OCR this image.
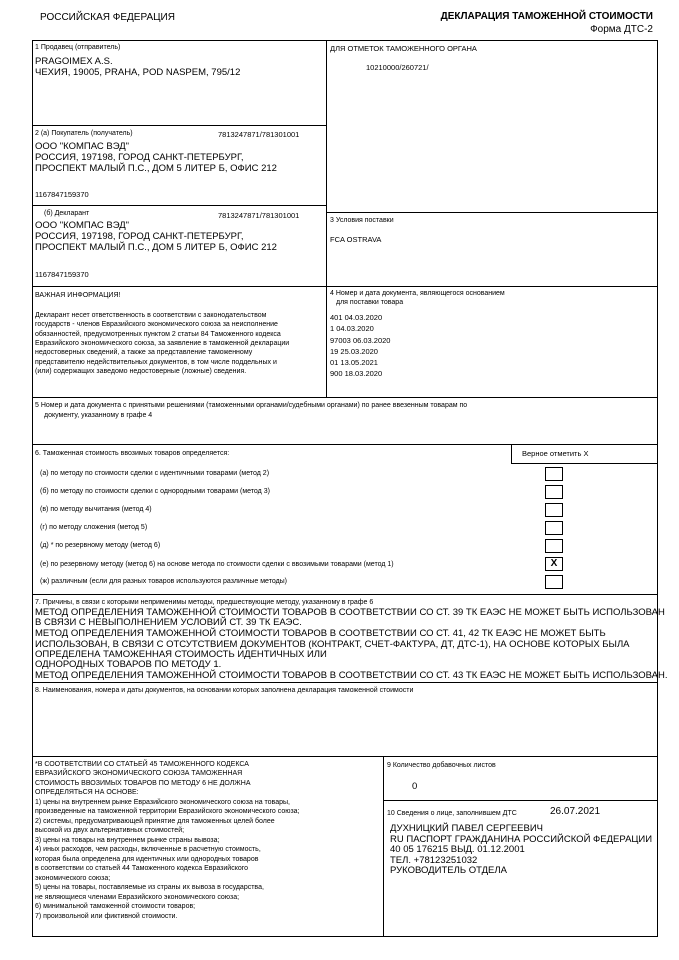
РОССИЙСКАЯ ФЕДЕРАЦИЯ	ДЕКЛАРАЦИЯ ТАМОЖЕННОЙ СТОИМОСТИ
Форма ДТС-2
1 Продавец (отправитель)
PRAGOIMEX A.S.
ЧЕХИЯ, 19005, PRAHA, POD NASPEM, 795/12
ДЛЯ ОТМЕТОК ТАМОЖЕННОГО ОРГАНА
10210000/260721/
2 (а) Покупатель (получатель)	7813247871/781301001
ООО "КОМПАС ВЭД"
РОССИЯ, 197198, ГОРОД САНКТ-ПЕТЕРБУРГ,
ПРОСПЕКТ МАЛЫЙ П.С., ДОМ 5 ЛИТЕР Б, ОФИС 212
1167847159370
(б) Декларант	7813247871/781301001
ООО "КОМПАС ВЭД"
РОССИЯ, 197198, ГОРОД САНКТ-ПЕТЕРБУРГ,
ПРОСПЕКТ МАЛЫЙ П.С., ДОМ 5 ЛИТЕР Б, ОФИС 212
1167847159370
3 Условия поставки
FCA OSTRAVA
ВАЖНАЯ ИНФОРМАЦИЯ!
Декларант несет ответственность в соответствии с законодательством
государств - членов Евразийского экономического союза за неисполнение
обязанностей, предусмотренных пунктом 2 статьи 84 Таможенного кодекса
Евразийского экономического союза, за заявление в таможенной декларации
недостоверных сведений, а также за представление таможенному
представителю недействительных документов, в том числе поддельных и
(или) содержащих заведомо недостоверные (ложные) сведения.
4 Номер и дата документа, являющегося основанием
для поставки товара
401 04.03.2020
1 04.03.2020
97003 06.03.2020
19 25.03.2020
01 13.05.2021
900 18.03.2020
5 Номер и дата документа с принятыми решениями (таможенными органами/судебными органами) по ранее ввезенным товарам по
документу, указанному в графе 4
6. Таможенная стоимость ввозимых товаров определяется:	Верное отметить Х
(а) по методу по стоимости сделки с идентичными товарами (метод 2)
(б) по методу по стоимости сделки с однородными товарами (метод 3)
(в) по методу вычитания (метод 4)
(г) по методу сложения (метод 5)
(д) * по резервному методу (метод 6)
(е) по резервному методу (метод 6) на основе метода по стоимости сделки с ввозимыми товарами (метод 1)	X
(ж) различным (если для разных товаров используются различные методы)
7. Причины, в связи с которыми неприменимы методы, предшествующие методу, указанному в графе 6
МЕТОД ОПРЕДЕЛЕНИЯ ТАМОЖЕННОЙ СТОИМОСТИ ТОВАРОВ В СООТВЕТСТВИИ СО СТ. 39 ТК ЕАЭС НЕ МОЖЕТ БЫТЬ ИСПОЛЬЗОВАН
В СВЯЗИ С НЕВЫПОЛНЕНИЕМ УСЛОВИЙ СТ. 39 ТК ЕАЭС.
МЕТОД ОПРЕДЕЛЕНИЯ ТАМОЖЕННОЙ СТОИМОСТИ ТОВАРОВ В СООТВЕТСТВИИ СО СТ. 41, 42 ТК ЕАЭС НЕ МОЖЕТ БЫТЬ
ИСПОЛЬЗОВАН, В СВЯЗИ С ОТСУТСТВИЕМ ДОКУМЕНТОВ (КОНТРАКТ, СЧЕТ-ФАКТУРА, ДТ, ДТС-1), НА ОСНОВЕ КОТОРЫХ БЫЛА
ОПРЕДЕЛЕНА ТАМОЖЕННАЯ СТОИМОСТЬ ИДЕНТИЧНЫХ ИЛИ
ОДНОРОДНЫХ ТОВАРОВ ПО МЕТОДУ 1.
МЕТОД ОПРЕДЕЛЕНИЯ ТАМОЖЕННОЙ СТОИМОСТИ ТОВАРОВ В СООТВЕТСТВИИ СО СТ. 43 ТК ЕАЭС НЕ МОЖЕТ БЫТЬ ИСПОЛЬЗОВАН.
8. Наименования, номера и даты документов, на основании которых заполнена декларация таможенной стоимости
*В СООТВЕТСТВИИ СО СТАТЬЕЙ 45 ТАМОЖЕННОГО КОДЕКСА
ЕВРАЗИЙСКОГО ЭКОНОМИЧЕСКОГО СОЮЗА ТАМОЖЕННАЯ
СТОИМОСТЬ ВВОЗИМЫХ ТОВАРОВ ПО МЕТОДУ 6 НЕ ДОЛЖНА
ОПРЕДЕЛЯТЬСЯ НА ОСНОВЕ:
1) цены на внутреннем рынке Евразийского экономического союза на товары,
произведенные на таможенной территории Евразийского экономического союза;
2) системы, предусматривающей принятие для таможенных целей более
высокой из двух альтернативных стоимостей;
3) цены на товары на внутреннем рынке страны вывоза;
4) иных расходов, чем расходы, включенные в расчетную стоимость,
которая была определена для идентичных или однородных товаров
в соответствии со статьей 44 Таможенного кодекса Евразийского
экономического союза;
5) цены на товары, поставляемые из страны их вывоза в государства,
не являющиеся членами Евразийского экономического союза;
6) минимальной таможенной стоимости товаров;
7) произвольной или фиктивной стоимости.
9 Количество добавочных листов
0
10 Сведения о лице, заполнившем ДТС	26.07.2021
ДУХНИЦКИЙ ПАВЕЛ СЕРГЕЕВИЧ
RU ПАСПОРТ ГРАЖДАНИНА РОССИЙСКОЙ ФЕДЕРАЦИИ
40 05 176215 ВЫД. 01.12.2001
ТЕЛ. +78123251032
РУКОВОДИТЕЛЬ ОТДЕЛА
